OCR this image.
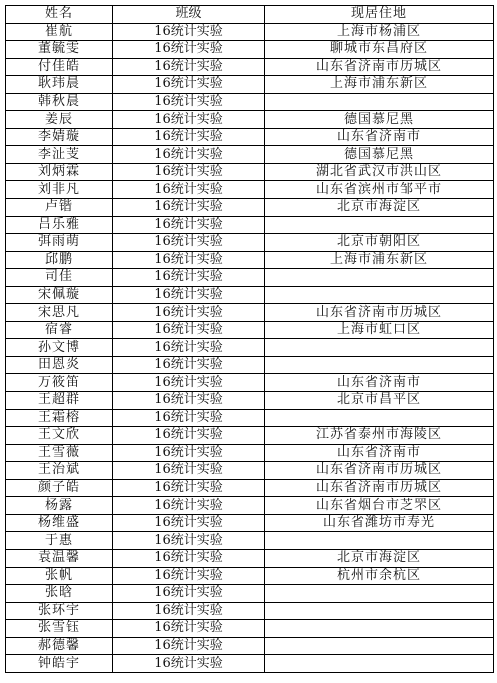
姓名	班级	现居住地
崔航	16统计实验	上海市杨浦区
董毓雯	16统计实验	聊城市东昌府区
付佳皓	16统计实验	山东省济南市历城区
耿玮晨	16统计实验	上海市浦东新区
韩秋晨	16统计实验	
姜辰	16统计实验	德国慕尼黑
李婧璇	16统计实验	山东省济南市
李沚芰	16统计实验	德国慕尼黑
刘炳霖	16统计实验	湖北省武汉市洪山区
刘非凡	16统计实验	山东省滨州市邹平市
卢锴	16统计实验	北京市海淀区
吕乐雅	16统计实验	
弭雨萌	16统计实验	北京市朝阳区
邱鹏	16统计实验	上海市浦东新区
司佳	16统计实验	
宋佩璇	16统计实验	
宋思凡	16统计实验	山东省济南市历城区
宿睿	16统计实验	上海市虹口区
孙文博	16统计实验	
田恩炎	16统计实验	
万筱笛	16统计实验	山东省济南市
王超群	16统计实验	北京市昌平区
王霜榕	16统计实验	
王文欣	16统计实验	江苏省泰州市海陵区
王雪薇	16统计实验	山东省济南市
王治斌	16统计实验	山东省济南市历城区
颜子皓	16统计实验	山东省济南市历城区
杨露	16统计实验	山东省烟台市芝罘区
杨维盛	16统计实验	山东省潍坊市寿光
于惠	16统计实验	
袁温馨	16统计实验	北京市海淀区
张帆	16统计实验	杭州市余杭区
张晗	16统计实验	
张环宇	16统计实验	
张雪钰	16统计实验	
郝德馨	16统计实验	
钟皓宇	16统计实验	
